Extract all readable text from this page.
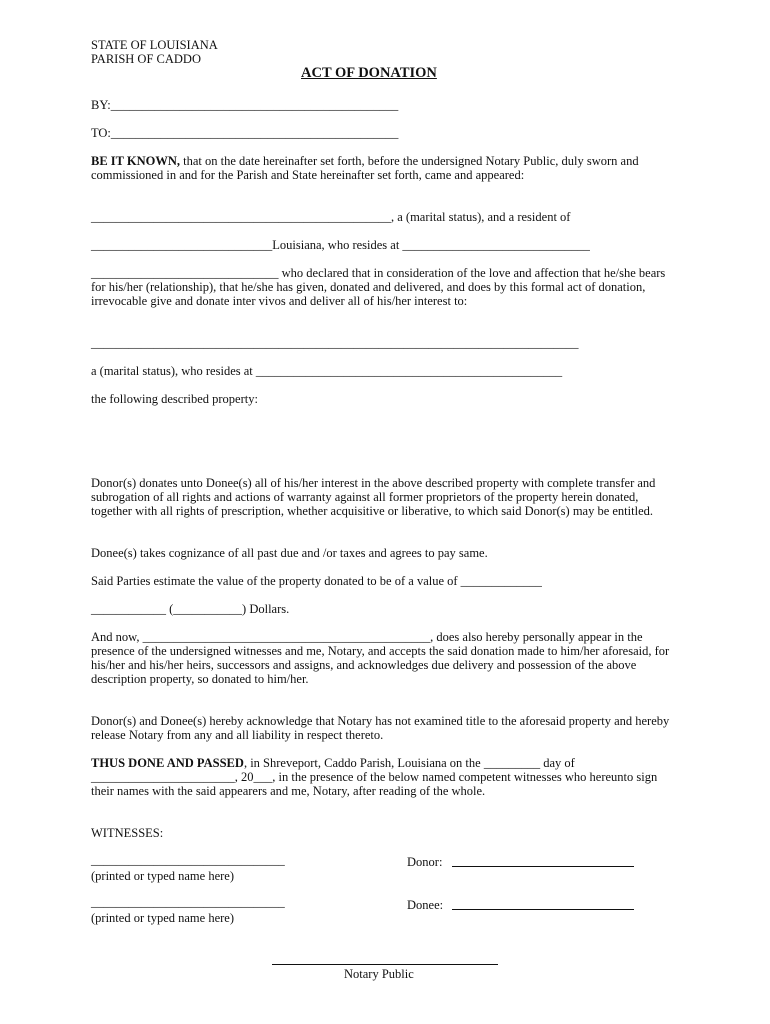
STATE OF LOUISIANA
PARISH OF CADDO
ACT OF DONATION
BY:______________________________________________
TO:______________________________________________
BE IT KNOWN, that on the date hereinafter set forth, before the undersigned Notary Public, duly sworn and commissioned in and for the Parish and State hereinafter set forth, came and appeared:
________________________________________________, a (marital status), and a resident of
_____________________________Louisiana, who resides at ______________________________
______________________________ who declared that in consideration of the love and affection that he/she bears for his/her (relationship), that he/she has given, donated and delivered, and does by this formal act of donation, irrevocable give and donate inter vivos and deliver all of his/her interest to:
______________________________________________________________________________
a (marital status), who resides at _________________________________________________
the following described property:
Donor(s) donates unto Donee(s) all of his/her interest in the above described property with complete transfer and subrogation of all rights and actions of warranty against all former proprietors of the property herein donated, together with all rights of prescription, whether acquisitive or liberative, to which said Donor(s) may be entitled.
Donee(s) takes cognizance of all past due and /or taxes and agrees to pay same.
Said Parties estimate the value of the property donated to be of a value of _____________
____________ (___________) Dollars.
And now, ______________________________________________, does also hereby personally appear in the presence of the undersigned witnesses and me, Notary, and accepts the said donation made to him/her aforesaid, for his/her and his/her heirs, successors and assigns, and acknowledges due delivery and possession of the above description property, so donated to him/her.
Donor(s) and Donee(s) hereby acknowledge that Notary has not examined title to the aforesaid property and hereby release Notary from any and all liability in respect thereto.
THUS DONE AND PASSED, in Shreveport, Caddo Parish, Louisiana on the _________ day of _______________________, 20___, in the presence of the below named competent witnesses who hereunto sign their names with the said appearers and me, Notary, after reading of the whole.
WITNESSES:
_______________________________
(printed or typed name here)
Donor:
_______________________________
(printed or typed name here)
Donee:
Notary Public
